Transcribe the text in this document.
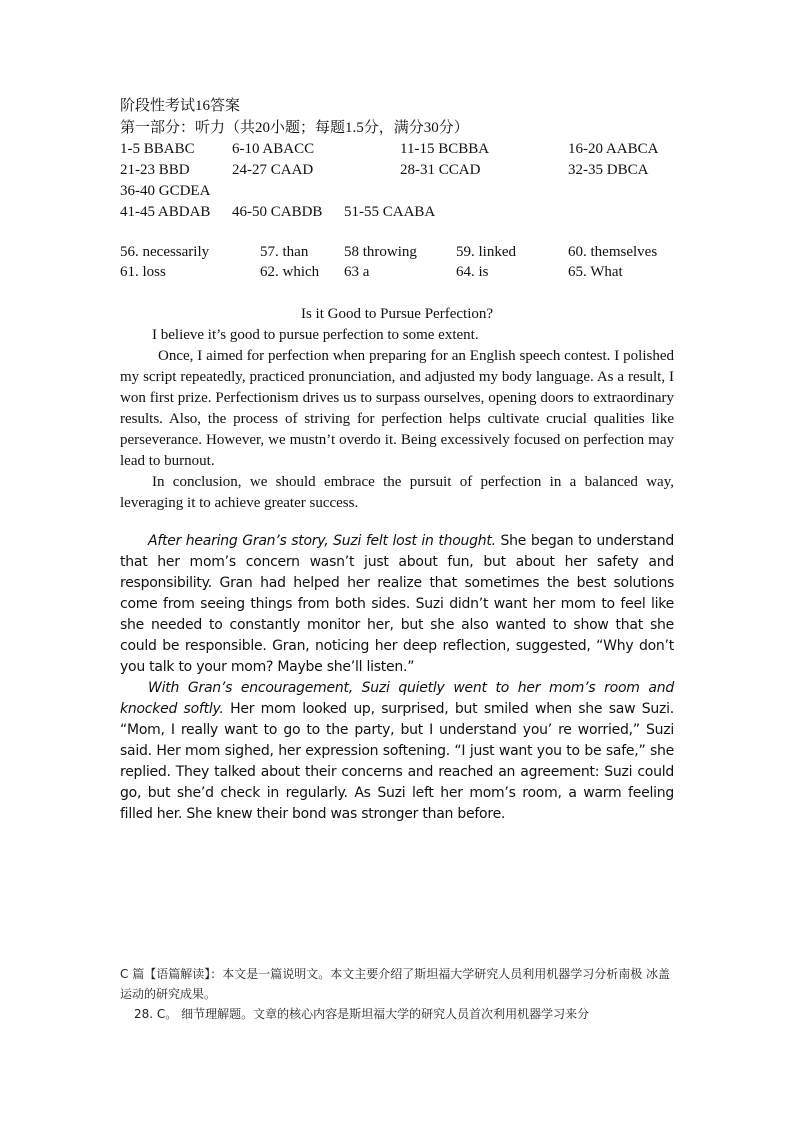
阶段性考试16答案
第一部分：听力（共20小题；每题1.5分，满分30分）
1-5 BBABC 6-10 ABACC	11-15 BCBBA	16-20 AABCA
21-23 BBD	24-27 CAAD	28-31 CCAD	32-35 DBCA
36-40 GCDEA
41-45 ABDAB 46-50 CABDB 51-55 CAABA
56. necessarily	57. than 58 throwing	59. linked	60. themselves
61. loss	62. which 63 a	64. is	65. What
Is it Good to Pursue Perfection?
I believe it’s good to pursue perfection to some extent.
Once, I aimed for perfection when preparing for an English speech contest. I polished my script repeatedly, practiced pronunciation, and adjusted my body language. As a result, I won first prize. Perfectionism drives us to surpass ourselves, opening doors to extraordinary results. Also, the process of striving for perfection helps cultivate crucial qualities like perseverance. However, we mustn’t overdo it. Being excessively focused on perfection may lead to burnout.
In conclusion, we should embrace the pursuit of perfection in a balanced way, leveraging it to achieve greater success.
After hearing Gran’s story, Suzi felt lost in thought. She began to understand that her mom’s concern wasn’t just about fun, but about her safety and responsibility. Gran had helped her realize that sometimes the best solutions come from seeing things from both sides. Suzi didn’t want her mom to feel like she needed to constantly monitor her, but she also wanted to show that she could be responsible. Gran, noticing her deep reflection, suggested, “Why don’t you talk to your mom? Maybe she’ll listen.”
With Gran’s encouragement, Suzi quietly went to her mom’s room and knocked softly. Her mom looked up, surprised, but smiled when she saw Suzi. “Mom, I really want to go to the party, but I understand you’ re worried,” Suzi said. Her mom sighed, her expression softening. “I just want you to be safe,” she replied. They talked about their concerns and reached an agreement: Suzi could go, but she’d check in regularly. As Suzi left her mom’s room, a warm feeling filled her. She knew their bond was stronger than before.
C 篇【语篇解读】：本文是一篇说明文。本文主要介绍了斯坦福大学研究人员利用机器学习分析南极 冰盖运动的研究成果。
28. C。 细节理解题。文章的核心内容是斯坦福大学的研究人员首次利用机器学习来分
